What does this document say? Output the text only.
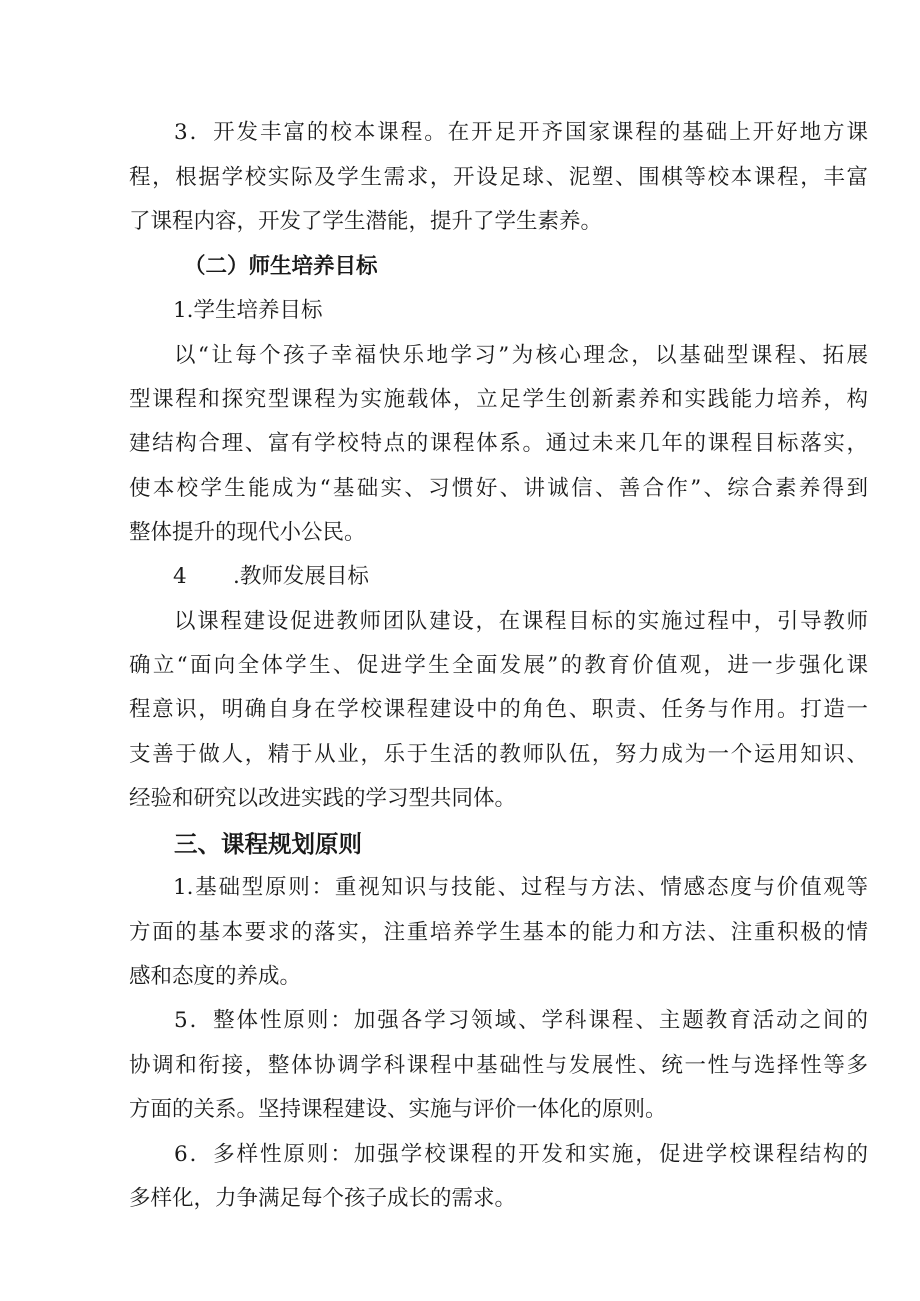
3．开发丰富的校本课程。在开足开齐国家课程的基础上开好地方课
程，根据学校实际及学生需求，开设足球、泥塑、围棋等校本课程，丰富
了课程内容，开发了学生潜能，提升了学生素养。
（二）师生培养目标
1.学生培养目标
以“让每个孩子幸福快乐地学习”为核心理念，以基础型课程、拓展
型课程和探究型课程为实施载体，立足学生创新素养和实践能力培养，构
建结构合理、富有学校特点的课程体系。通过未来几年的课程目标落实，
使本校学生能成为“基础实、习惯好、讲诚信、善合作”、综合素养得到
整体提升的现代小公民。
4 .教师发展目标
以课程建设促进教师团队建设，在课程目标的实施过程中，引导教师
确立“面向全体学生、促进学生全面发展”的教育价值观，进一步强化课
程意识，明确自身在学校课程建设中的角色、职责、任务与作用。打造一
支善于做人，精于从业，乐于生活的教师队伍，努力成为一个运用知识、
经验和研究以改进实践的学习型共同体。
三、课程规划原则
1.基础型原则：重视知识与技能、过程与方法、情感态度与价值观等
方面的基本要求的落实，注重培养学生基本的能力和方法、注重积极的情
感和态度的养成。
5．整体性原则：加强各学习领域、学科课程、主题教育活动之间的
协调和衔接，整体协调学科课程中基础性与发展性、统一性与选择性等多
方面的关系。坚持课程建设、实施与评价一体化的原则。
6．多样性原则：加强学校课程的开发和实施，促进学校课程结构的
多样化，力争满足每个孩子成长的需求。
